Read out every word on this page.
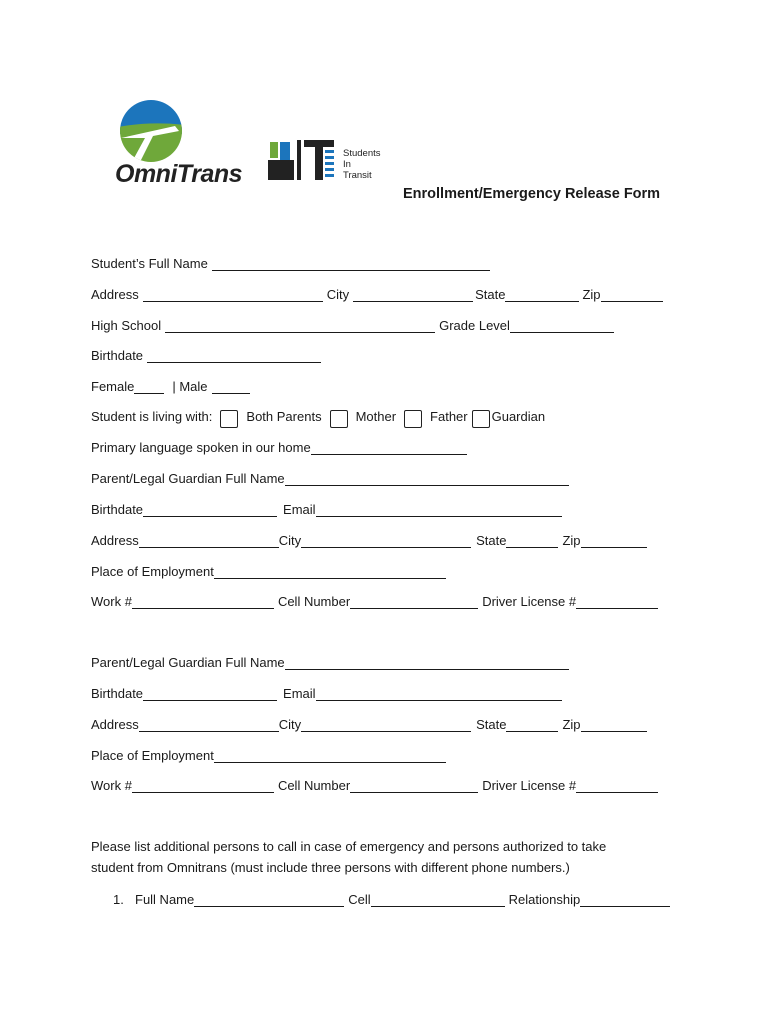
OmniTrans
Students
In
Transit
SiT
Enrollment/Emergency Release Form
Student’s Full Name
Address	City	State	Zip
High School	Grade Level
Birthdate
Female	| Male
Student is living with:	Both Parents	Mother	Father Guardian
Primary language spoken in our home
Parent/Legal Guardian Full Name
Birthdate	Email
Address	City	State	Zip
Place of Employment
Work #	Cell Number	Driver License #
Parent/Legal Guardian Full Name
Birthdate	Email
Address	City	State	Zip
Place of Employment
Work #	Cell Number	Driver License #
Please list additional persons to call in case of emergency and persons authorized to take
student from Omnitrans (must include three persons with different phone numbers.)
1. Full Name	Cell	Relationship
